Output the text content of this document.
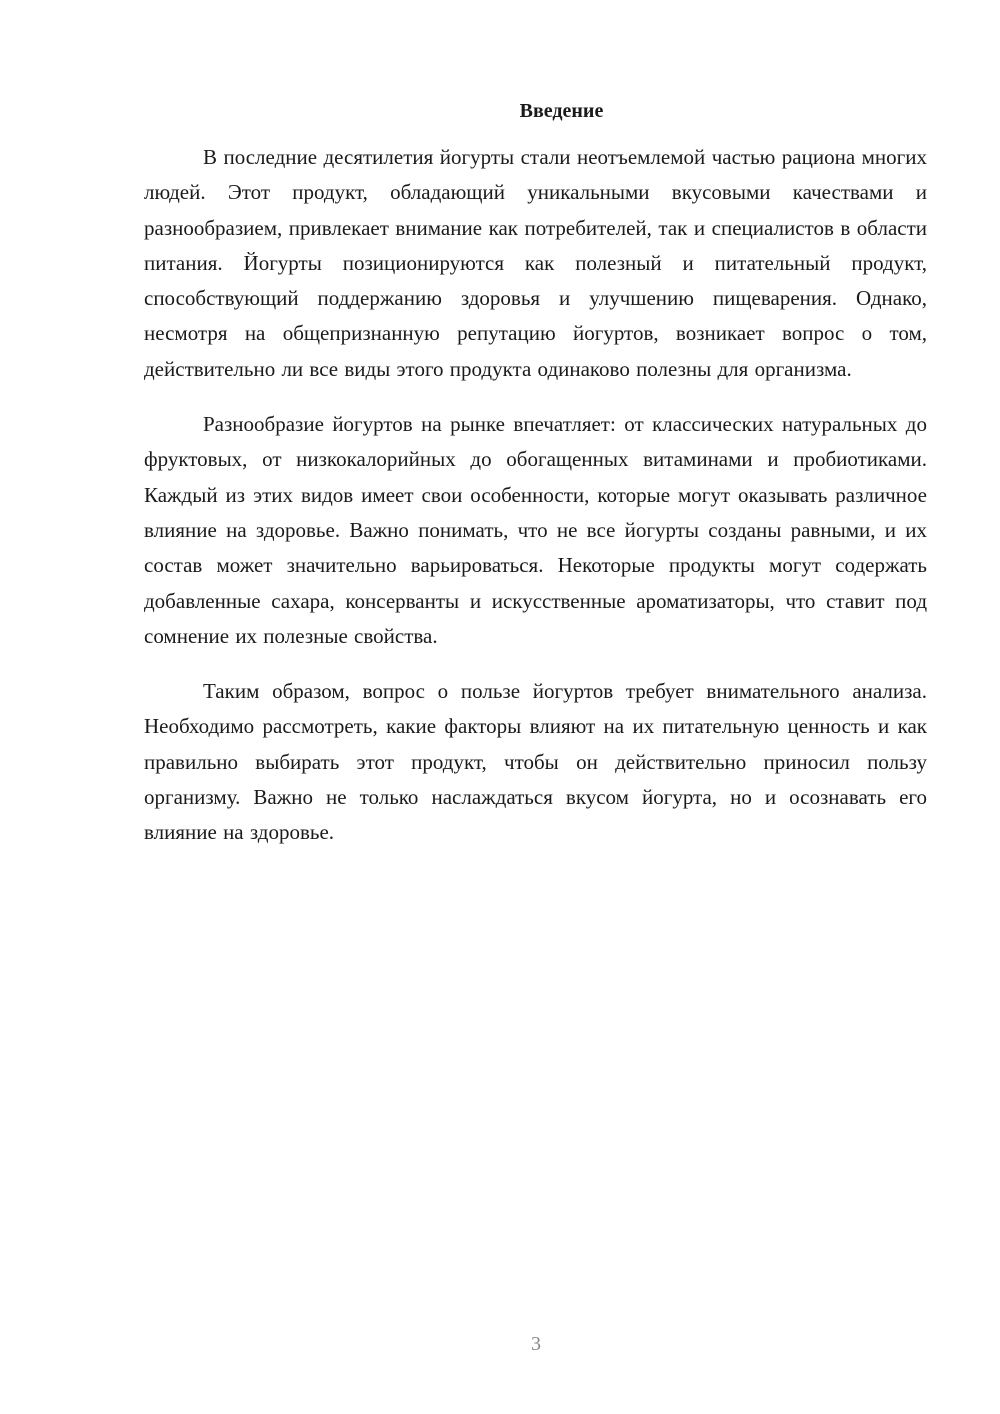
Введение

В последние десятилетия йогурты стали неотъемлемой частью рациона многих людей. Этот продукт, обладающий уникальными вкусовыми качествами и разнообразием, привлекает внимание как потребителей, так и специалистов в области питания. Йогурты позиционируются как полезный и питательный продукт, способствующий поддержанию здоровья и улучшению пищеварения. Однако, несмотря на общепризнанную репутацию йогуртов, возникает вопрос о том, действительно ли все виды этого продукта одинаково полезны для организма.

Разнообразие йогуртов на рынке впечатляет: от классических натуральных до фруктовых, от низкокалорийных до обогащенных витаминами и пробиотиками. Каждый из этих видов имеет свои особенности, которые могут оказывать различное влияние на здоровье. Важно понимать, что не все йогурты созданы равными, и их состав может значительно варьироваться. Некоторые продукты могут содержать добавленные сахара, консерванты и искусственные ароматизаторы, что ставит под сомнение их полезные свойства.

Таким образом, вопрос о пользе йогуртов требует внимательного анализа. Необходимо рассмотреть, какие факторы влияют на их питательную ценность и как правильно выбирать этот продукт, чтобы он действительно приносил пользу организму. Важно не только наслаждаться вкусом йогурта, но и осознавать его влияние на здоровье.

3
